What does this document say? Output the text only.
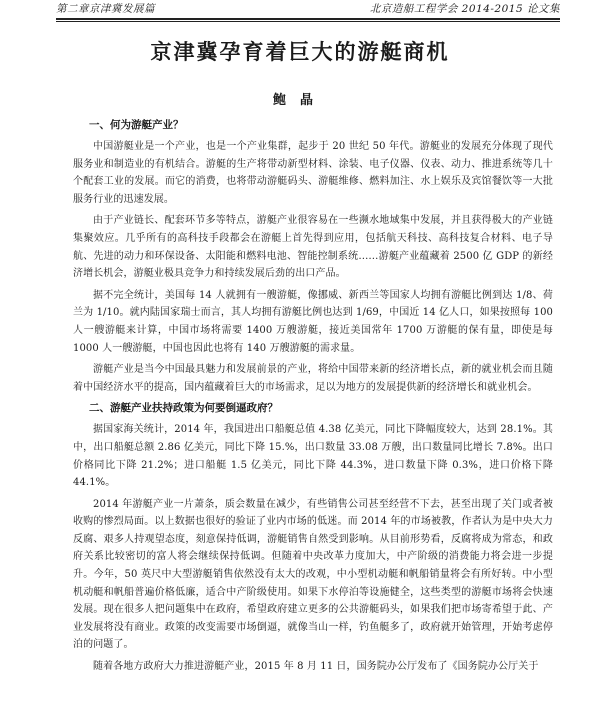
第二章京津冀发展篇	北京造船工程学会 2014-2015 论文集
京津冀孕育着巨大的游艇商机
鲍晶
一、何为游艇产业？

中国游艇业是一个产业，也是一个产业集群，起步于 20 世纪 50 年代。游艇业的发展充分体现了现代服务业和制造业的有机结合。游艇的生产将带动新型材料、涂装、电子仪器、仪表、动力、推进系统等几十个配套工业的发展。而它的消费，也将带动游艇码头、游艇维修、燃料加注、水上娱乐及宾馆餐饮等一大批服务行业的迅速发展。

由于产业链长、配套环节多等特点，游艇产业很容易在一些濒水地域集中发展，并且获得极大的产业链集聚效应。几乎所有的高科技手段都会在游艇上首先得到应用，包括航天科技、高科技复合材料、电子导航、先进的动力和环保设备、太阳能和燃料电池、智能控制系统……游艇产业蕴藏着 2500 亿 GDP 的新经济增长机会，游艇业极具竞争力和持续发展后劲的出口产品。

据不完全统计，美国每 14 人就拥有一艘游艇，像挪威、新西兰等国家人均拥有游艇比例到达 1/8、荷兰为 1/10。就内陆国家瑞士而言，其人均拥有游艇比例也达到 1/69，中国近 14 亿人口，如果按照每 100 人一艘游艇来计算，中国市场将需要 1400 万艘游艇，接近美国常年 1700 万游艇的保有量，即使是每 1000 人一艘游艇，中国也因此也将有 140 万艘游艇的需求量。

游艇产业是当今中国最具魅力和发展前景的产业，将给中国带来新的经济增长点，新的就业机会而且随着中国经济水平的提高，国内蕴藏着巨大的市场需求，足以为地方的发展提供新的经济增长和就业机会。

二、游艇产业扶持政策为何要倒逼政府？

据国家海关统计，2014 年，我国进出口船艇总值 4.38 亿美元，同比下降幅度较大，达到 28.1%。其中，出口船艇总额 2.86 亿美元，同比下降 15.%，出口数量 33.08 万艘，出口数量同比增长 7.8%。出口价格同比下降 21.2%；进口船艇 1.5 亿美元，同比下降 44.3%，进口数量下降 0.3%，进口价格下降 44.1%。

2014 年游艇产业一片萧条，质会数量在减少，有些销售公司甚至经营不下去，甚至出现了关门或者被收购的惨烈局面。以上数据也很好的验证了业内市场的低迷。而 2014 年的市场被教，作者认为是中央大力反腐、艰多人持观望态度，刻意保持低调，游艇销售自然受到影响。从目前形势看，反腐将成为常态，和政府关系比较密切的富人将会继续保持低调。但随着中央改革力度加大，中产阶级的消费能力将会进一步提升。今年，50 英尺中大型游艇销售依然没有太大的改观，中小型机动艇和帆船销量将会有所好转。中小型机动艇和帆船普遍价格低廉，适合中产阶级使用。如果下水停泊等设施健全，这些类型的游艇市场将会快速发展。现在很多人把问题集中在政府，希望政府建立更多的公共游艇码头，如果我们把市场寄希望于此、产业发展将没有商业。政策的改变需要市场倒逼，就像当山一样，钓鱼艇多了，政府就开始管理，开始考虑停泊的问题了。

随着各地方政府大力推进游艇产业，2015 年 8 月 11 日，国务院办公厅发布了《国务院办公厅关于
